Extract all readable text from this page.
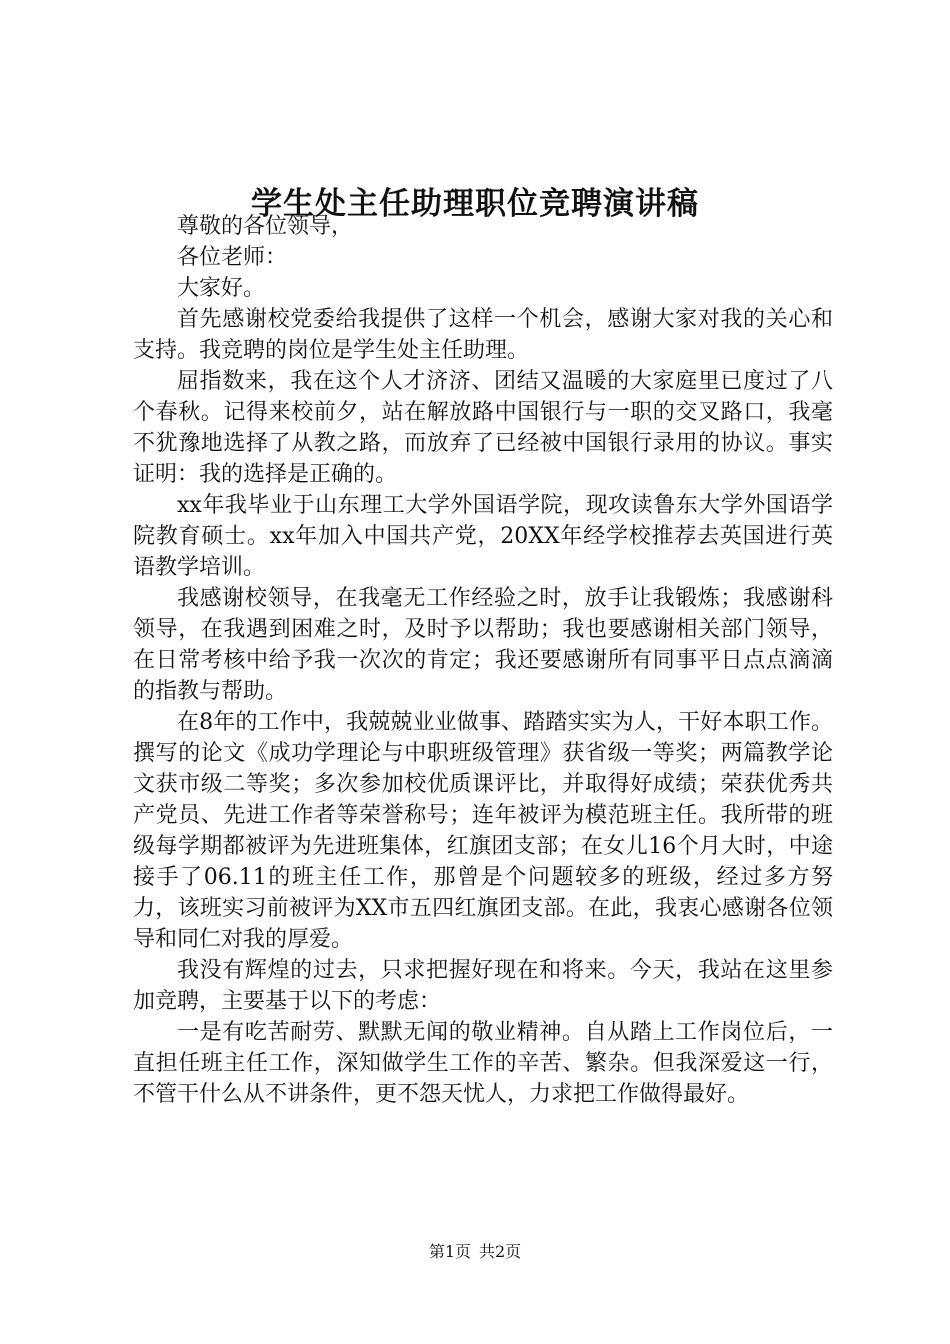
学生处主任助理职位竞聘演讲稿

尊敬的各位领导，

各位老师：

大家好。

首先感谢校党委给我提供了这样一个机会，感谢大家对我的关心和支持。我竞聘的岗位是学生处主任助理。

屈指数来，我在这个人才济济、团结又温暖的大家庭里已度过了八个春秋。记得来校前夕，站在解放路中国银行与一职的交叉路口，我毫不犹豫地选择了从教之路，而放弃了已经被中国银行录用的协议。事实证明：我的选择是正确的。

xx年我毕业于山东理工大学外国语学院，现攻读鲁东大学外国语学院教育硕士。xx年加入中国共产党，20XX年经学校推荐去英国进行英语教学培训。

我感谢校领导，在我毫无工作经验之时，放手让我锻炼；我感谢科领导，在我遇到困难之时，及时予以帮助；我也要感谢相关部门领导，在日常考核中给予我一次次的肯定；我还要感谢所有同事平日点点滴滴的指教与帮助。

在8年的工作中，我兢兢业业做事、踏踏实实为人，干好本职工作。撰写的论文《成功学理论与中职班级管理》获省级一等奖；两篇教学论文获市级二等奖；多次参加校优质课评比，并取得好成绩；荣获优秀共产党员、先进工作者等荣誉称号；连年被评为模范班主任。我所带的班级每学期都被评为先进班集体，红旗团支部；在女儿16个月大时，中途接手了06.11的班主任工作，那曾是个问题较多的班级，经过多方努力，该班实习前被评为XX市五四红旗团支部。在此，我衷心感谢各位领导和同仁对我的厚爱。

我没有辉煌的过去，只求把握好现在和将来。今天，我站在这里参加竞聘，主要基于以下的考虑：

一是有吃苦耐劳、默默无闻的敬业精神。自从踏上工作岗位后，一直担任班主任工作，深知做学生工作的辛苦、繁杂。但我深爱这一行，不管干什么从不讲条件，更不怨天忧人，力求把工作做得最好。

第1页 共2页
